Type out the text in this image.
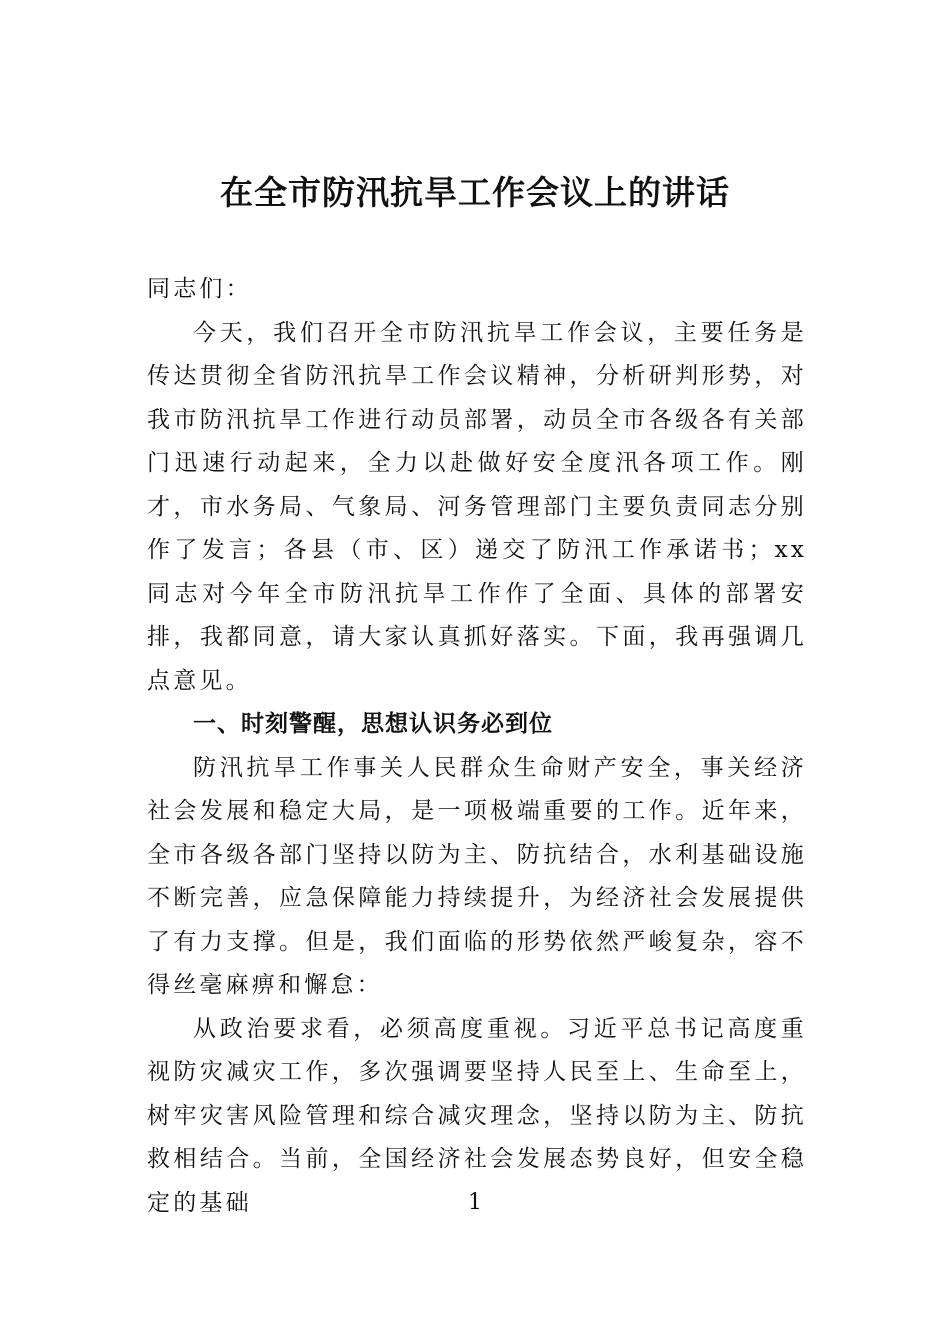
在全市防汛抗旱工作会议上的讲话

同志们：

今天，我们召开全市防汛抗旱工作会议，主要任务是传达贯彻全省防汛抗旱工作会议精神，分析研判形势，对我市防汛抗旱工作进行动员部署，动员全市各级各有关部门迅速行动起来，全力以赴做好安全度汛各项工作。刚才，市水务局、气象局、河务管理部门主要负责同志分别作了发言；各县（市、区）递交了防汛工作承诺书；xx同志对今年全市防汛抗旱工作作了全面、具体的部署安排，我都同意，请大家认真抓好落实。下面，我再强调几点意见。

一、时刻警醒，思想认识务必到位

防汛抗旱工作事关人民群众生命财产安全，事关经济社会发展和稳定大局，是一项极端重要的工作。近年来，全市各级各部门坚持以防为主、防抗结合，水利基础设施不断完善，应急保障能力持续提升，为经济社会发展提供了有力支撑。但是，我们面临的形势依然严峻复杂，容不得丝毫麻痹和懈怠：

从政治要求看，必须高度重视。习近平总书记高度重视防灾减灾工作，多次强调要坚持人民至上、生命至上，树牢灾害风险管理和综合减灾理念，坚持以防为主、防抗救相结合。当前，全国经济社会发展态势良好，但安全稳定的基础	1
